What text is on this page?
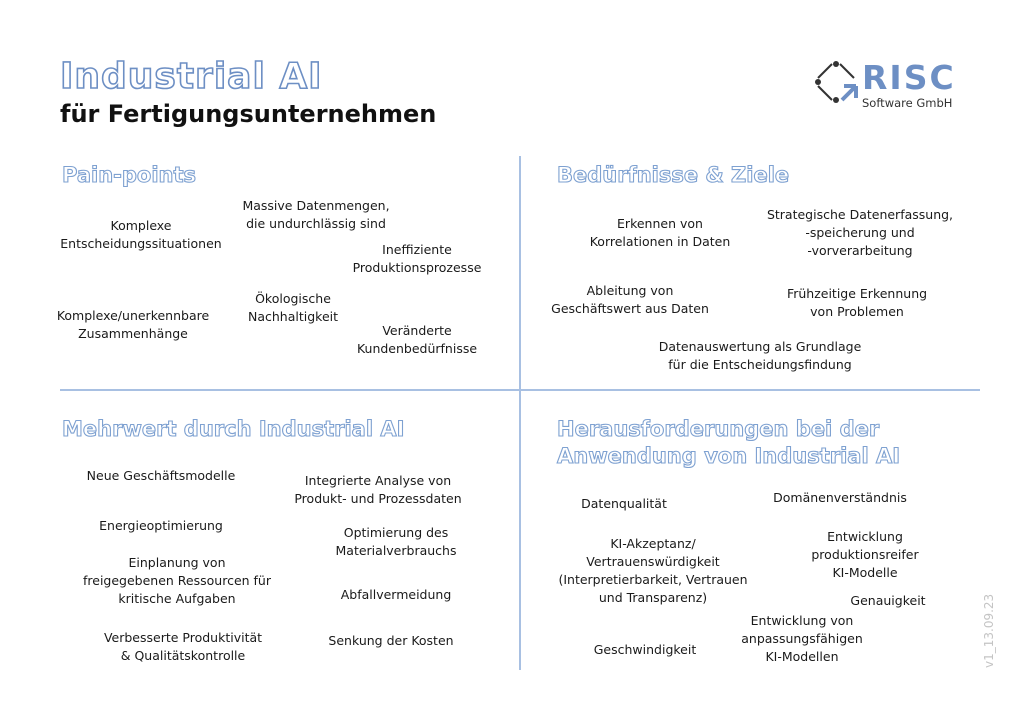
Industrial AI
für Fertigungsunternehmen
RISC
Software GmbH
Pain-points
Massive Datenmengen,
die undurchlässig sind
Komplexe
Entscheidungssituationen	Ineffiziente
Produktionsprozesse
Ökologische
Nachhaltigkeit
Komplexe/unerkennbare
Zusammenhänge	Veränderte
Kundenbedürfnisse
Bedürfnisse & Ziele
Strategische Datenerfassung,
-speicherung und
-vorverarbeitung
Erkennen von
Korrelationen in Daten
Ableitung von
Geschäftswert aus Daten
Frühzeitige Erkennung
von Problemen
Datenauswertung als Grundlage
für die Entscheidungsfindung
Mehrwert durch Industrial AI
Neue Geschäftsmodelle	Integrierte Analyse von
Produkt- und Prozessdaten
Energieoptimierung	Optimierung des
Materialverbrauchs
Einplanung von
freigegebenen Ressourcen für
kritische Aufgaben	Abfallvermeidung
Verbesserte Produktivität
& Qualitätskontrolle
Senkung der Kosten
Herausforderungen bei der
Anwendung von Industrial AI
Domänenverständnis
Datenqualität
Entwicklung
produktionsreifer
KI-Modelle
KI-Akzeptanz/
Vertrauenswürdigkeit
(Interpretierbarkeit, Vertrauen
und Transparenz)	Genauigkeit
Entwicklung von
anpassungsfähigen
KI-Modellen
Geschwindigkeit	v1_13.09.23
